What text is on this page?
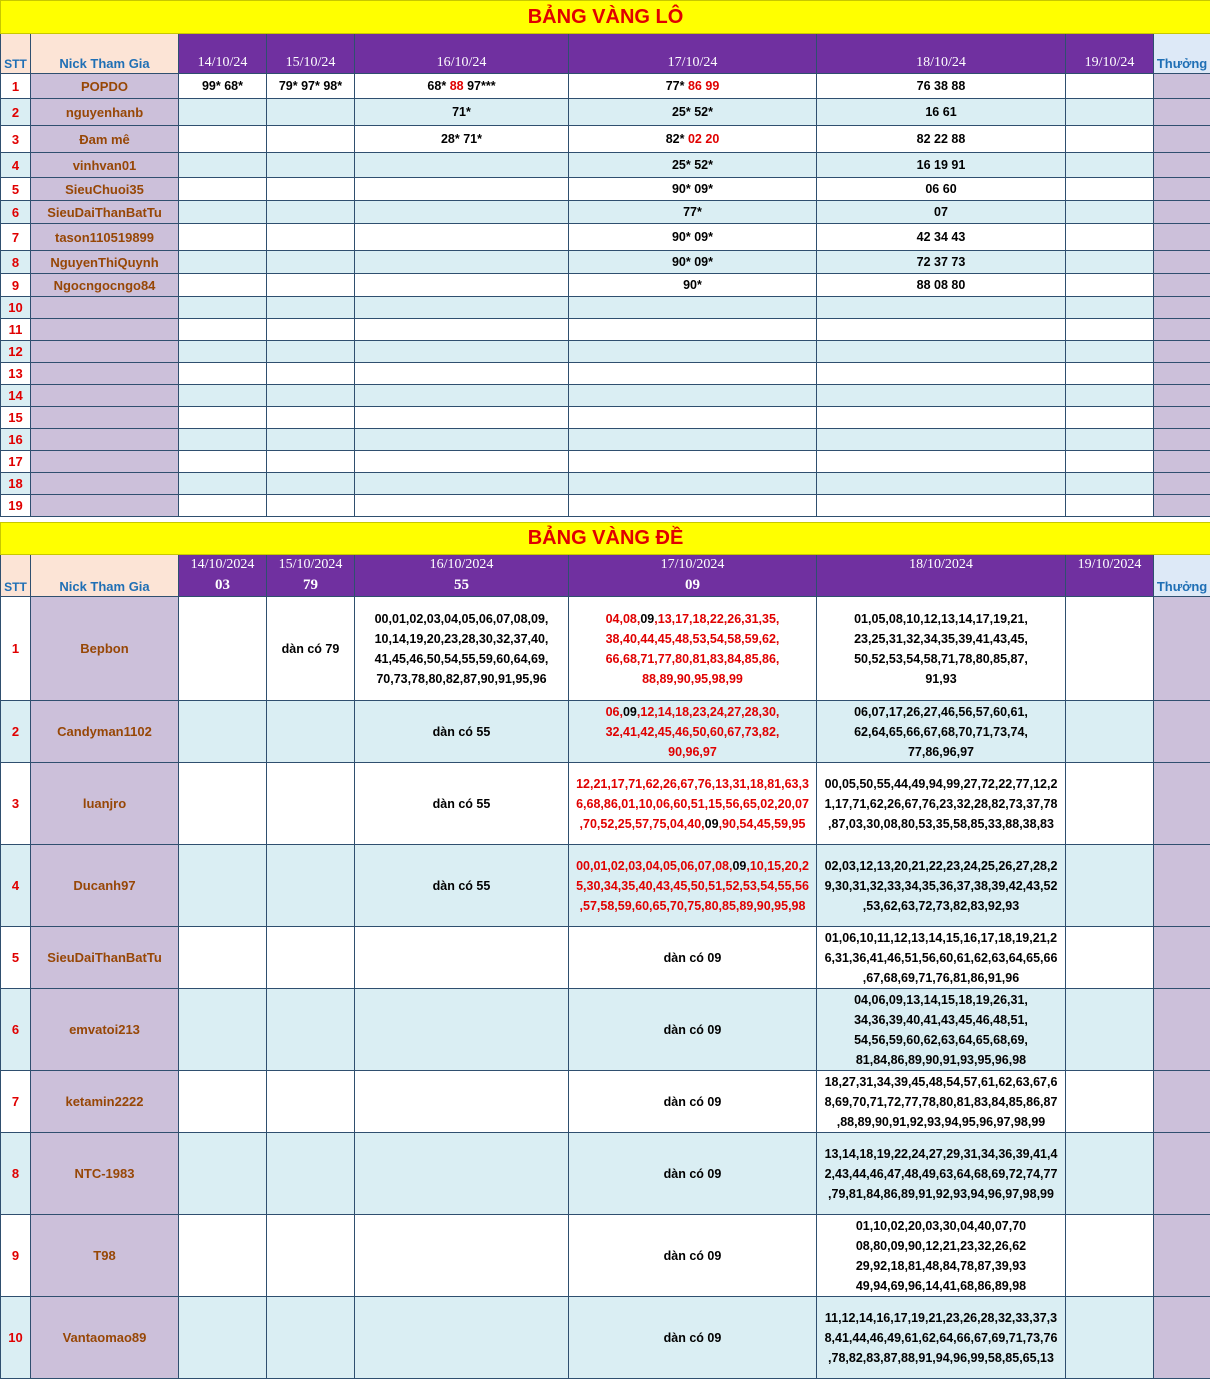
BẢNG VÀNG LÔ								
STT	Nick Tham Gia	14/10/24	15/10/24	16/10/24	17/10/24	18/10/24	19/10/24	Thưởng
1	POPDO	99* 68*	79* 97* 98*	68* 88 97***	77* 86 99	76 38 88		
2	nguyenhanb			71*	25* 52*	16 61		
3	Đam mê			28* 71*	82* 02 20	82 22 88		
4	vinhvan01				25* 52*	16 19 91		
5	SieuChuoi35				90* 09*	06 60		
6	SieuDaiThanBatTu				77*	07		
7	tason110519899				90* 09*	42 34 43		
8	NguyenThiQuynh				90* 09*	72 37 73		
9	Ngocngocngo84				90*	88 08 80		
10								
11								
12								
13								
14								
15								
16								
17								
18								
19								
BẢNG VÀNG ĐỀ								
STT	Nick Tham Gia	14/10/2024	15/10/2024	16/10/2024	17/10/2024	18/10/2024	19/10/2024	Thưởng
		03	79	55	09			
1	Bepbon		dàn có 79	00,01,02,03,04,05,06,07,08,09,
10,14,19,20,23,28,30,32,37,40,
41,45,46,50,54,55,59,60,64,69,
70,73,78,80,82,87,90,91,95,96	04,08,09,13,17,18,22,26,31,35,
38,40,44,45,48,53,54,58,59,62,
66,68,71,77,80,81,83,84,85,86,
88,89,90,95,98,99	01,05,08,10,12,13,14,17,19,21,
23,25,31,32,34,35,39,41,43,45,
50,52,53,54,58,71,78,80,85,87,
91,93		
2	Candyman1102			dàn có 55	06,09,12,14,18,23,24,27,28,30,
32,41,42,45,46,50,60,67,73,82,
90,96,97	06,07,17,26,27,46,56,57,60,61,
62,64,65,66,67,68,70,71,73,74,
77,86,96,97		
3	luanjro			dàn có 55	12,21,17,71,62,26,67,76,13,31,18,81,63,3
6,68,86,01,10,06,60,51,15,56,65,02,20,07
,70,52,25,57,75,04,40,09,90,54,45,59,95	00,05,50,55,44,49,94,99,27,72,22,77,12,2
1,17,71,62,26,67,76,23,32,28,82,73,37,78
,87,03,30,08,80,53,35,58,85,33,88,38,83		
4	Ducanh97			dàn có 55	00,01,02,03,04,05,06,07,08,09,10,15,20,2
5,30,34,35,40,43,45,50,51,52,53,54,55,56
,57,58,59,60,65,70,75,80,85,89,90,95,98	02,03,12,13,20,21,22,23,24,25,26,27,28,2
9,30,31,32,33,34,35,36,37,38,39,42,43,52
,53,62,63,72,73,82,83,92,93		
5	SieuDaiThanBatTu				dàn có 09	01,06,10,11,12,13,14,15,16,17,18,19,21,2
6,31,36,41,46,51,56,60,61,62,63,64,65,66
,67,68,69,71,76,81,86,91,96		
6	emvatoi213				dàn có 09	04,06,09,13,14,15,18,19,26,31,
34,36,39,40,41,43,45,46,48,51,
54,56,59,60,62,63,64,65,68,69,
81,84,86,89,90,91,93,95,96,98		
7	ketamin2222				dàn có 09	18,27,31,34,39,45,48,54,57,61,62,63,67,6
8,69,70,71,72,77,78,80,81,83,84,85,86,87
,88,89,90,91,92,93,94,95,96,97,98,99		
8	NTC-1983				dàn có 09	13,14,18,19,22,24,27,29,31,34,36,39,41,4
2,43,44,46,47,48,49,63,64,68,69,72,74,77
,79,81,84,86,89,91,92,93,94,96,97,98,99		
9	T98				dàn có 09	01,10,02,20,03,30,04,40,07,70
08,80,09,90,12,21,23,32,26,62
29,92,18,81,48,84,78,87,39,93
49,94,69,96,14,41,68,86,89,98		
10	Vantaomao89				dàn có 09	11,12,14,16,17,19,21,23,26,28,32,33,37,3
8,41,44,46,49,61,62,64,66,67,69,71,73,76
,78,82,83,87,88,91,94,96,99,58,85,65,13		
